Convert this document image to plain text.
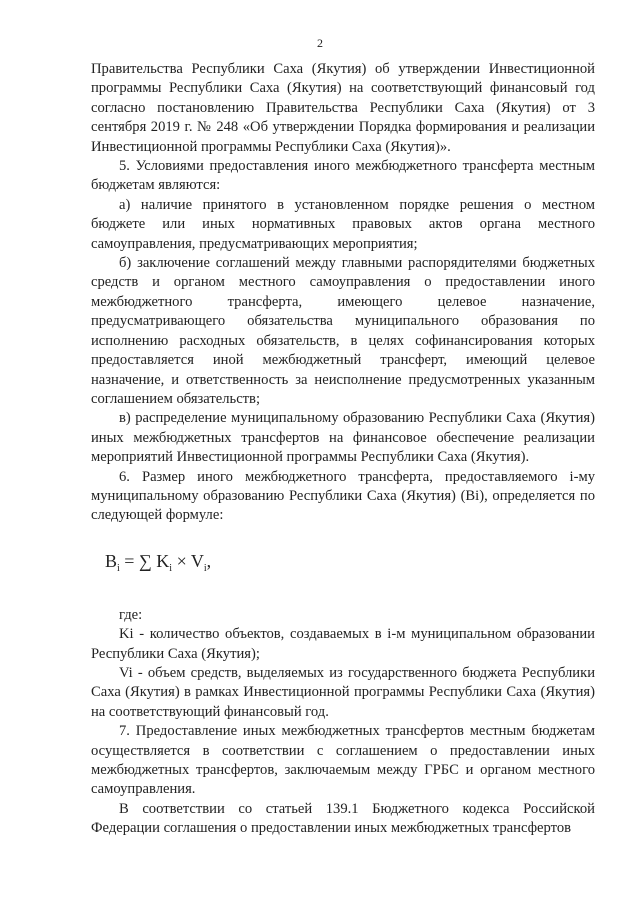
2

Правительства Республики Саха (Якутия) об утверждении Инвестиционной программы Республики Саха (Якутия) на соответствующий финансовый год согласно постановлению Правительства Республики Саха (Якутия) от 3 сентября 2019 г. № 248 «Об утверждении Порядка формирования и реализации Инвестиционной программы Республики Саха (Якутия)».

5. Условиями предоставления иного межбюджетного трансферта местным бюджетам являются:

а) наличие принятого в установленном порядке решения о местном бюджете или иных нормативных правовых актов органа местного самоуправления, предусматривающих мероприятия;

б) заключение соглашений между главными распорядителями бюджетных средств и органом местного самоуправления о предоставлении иного межбюджетного трансферта, имеющего целевое назначение, предусматривающего обязательства муниципального образования по исполнению расходных обязательств, в целях софинансирования которых предоставляется иной межбюджетный трансферт, имеющий целевое назначение, и ответственность за неисполнение предусмотренных указанным соглашением обязательств;

в) распределение муниципальному образованию Республики Саха (Якутия) иных межбюджетных трансфертов на финансовое обеспечение реализации мероприятий Инвестиционной программы Республики Саха (Якутия).

6. Размер иного межбюджетного трансферта, предоставляемого i-му муниципальному образованию Республики Саха (Якутия) (Bi), определяется по следующей формуле:

$B_i$ = ∑ $K_i \times V_i$,

где:

Ki - количество объектов, создаваемых в i-м муниципальном образовании Республики Саха (Якутия);

Vi - объем средств, выделяемых из государственного бюджета Республики Саха (Якутия) в рамках Инвестиционной программы Республики Саха (Якутия) на соответствующий финансовый год.

7. Предоставление иных межбюджетных трансфертов местным бюджетам осуществляется в соответствии с соглашением о предоставлении иных межбюджетных трансфертов, заключаемым между ГРБС и органом местного самоуправления.

В соответствии со статьей 139.1 Бюджетного кодекса Российской Федерации соглашения о предоставлении иных межбюджетных трансфертов
